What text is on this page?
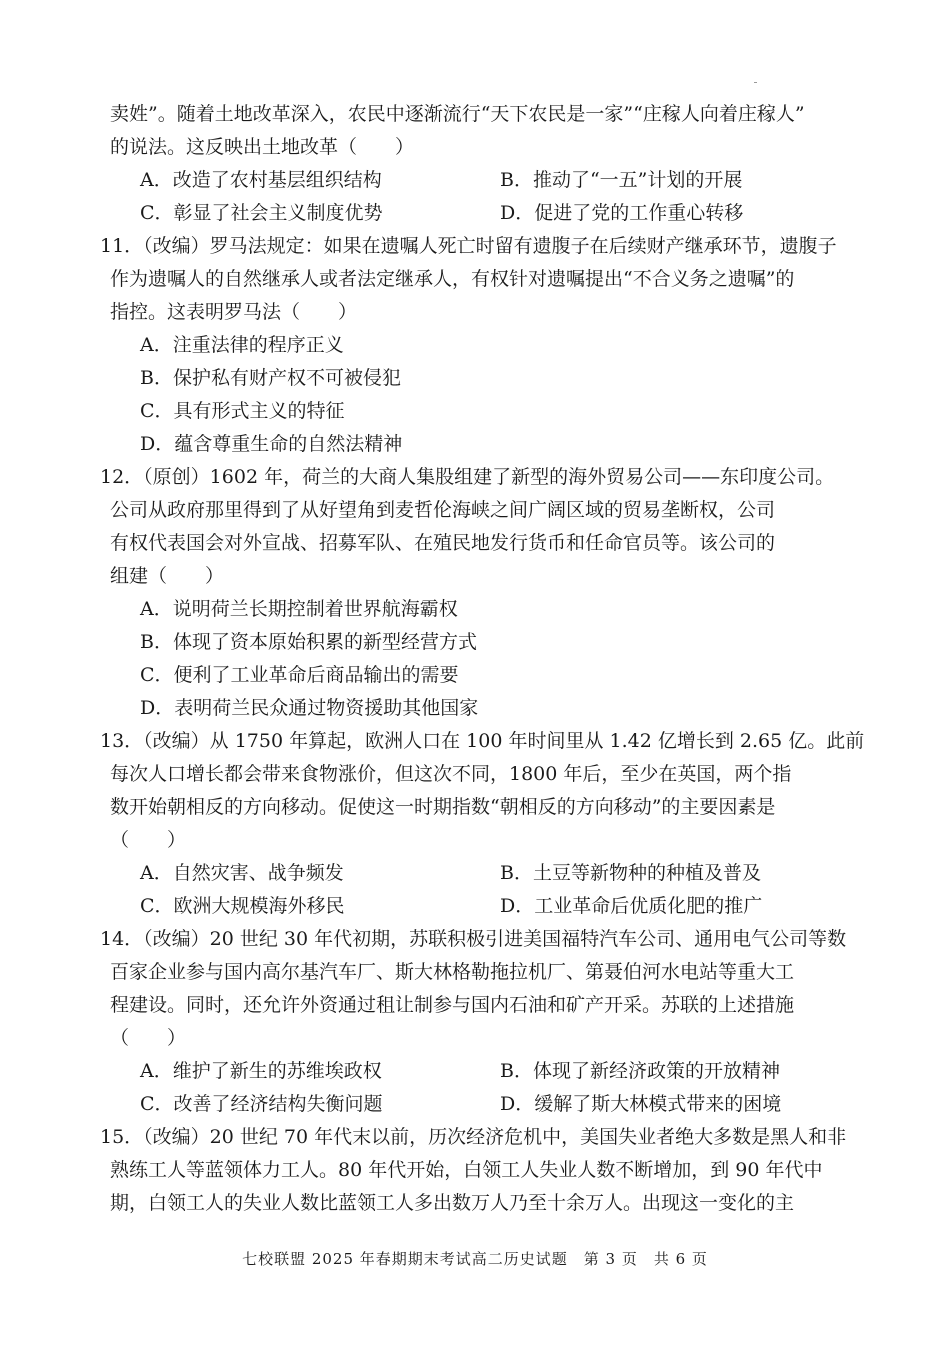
卖姓”。随着土地改革深入，农民中逐渐流行“天下农民是一家”“庄稼人向着庄稼人”
的说法。这反映出土地改革（　　）
A．改造了农村基层组织结构	B．推动了“一五”计划的开展
C．彰显了社会主义制度优势	D．促进了党的工作重心转移
11．（改编）罗马法规定：如果在遗嘱人死亡时留有遗腹子在后续财产继承环节，遗腹子
作为遗嘱人的自然继承人或者法定继承人，有权针对遗嘱提出“不合义务之遗嘱”的
指控。这表明罗马法（　　）
A．注重法律的程序正义
B．保护私有财产权不可被侵犯
C．具有形式主义的特征
D．蕴含尊重生命的自然法精神
12．（原创）1602 年，荷兰的大商人集股组建了新型的海外贸易公司——东印度公司。
公司从政府那里得到了从好望角到麦哲伦海峡之间广阔区域的贸易垄断权，公司
有权代表国会对外宣战、招募军队、在殖民地发行货币和任命官员等。该公司的
组建（　　）
A．说明荷兰长期控制着世界航海霸权
B．体现了资本原始积累的新型经营方式
C．便利了工业革命后商品输出的需要
D．表明荷兰民众通过物资援助其他国家
13．（改编）从 1750 年算起，欧洲人口在 100 年时间里从 1.42 亿增长到 2.65 亿。此前
每次人口增长都会带来食物涨价，但这次不同，1800 年后，至少在英国，两个指
数开始朝相反的方向移动。促使这一时期指数“朝相反的方向移动”的主要因素是
（　　）
A．自然灾害、战争频发	B．土豆等新物种的种植及普及
C．欧洲大规模海外移民	D．工业革命后优质化肥的推广
14．（改编）20 世纪 30 年代初期，苏联积极引进美国福特汽车公司、通用电气公司等数
百家企业参与国内高尔基汽车厂、斯大林格勒拖拉机厂、第聂伯河水电站等重大工
程建设。同时，还允许外资通过租让制参与国内石油和矿产开采。苏联的上述措施
（　　）
A．维护了新生的苏维埃政权	B．体现了新经济政策的开放精神
C．改善了经济结构失衡问题	D．缓解了斯大林模式带来的困境
15．（改编）20 世纪 70 年代末以前，历次经济危机中，美国失业者绝大多数是黑人和非
熟练工人等蓝领体力工人。80 年代开始，白领工人失业人数不断增加，到 90 年代中
期，白领工人的失业人数比蓝领工人多出数万人乃至十余万人。出现这一变化的主
七校联盟 2025 年春期期末考试高二历史试题　第 3 页　共 6 页
